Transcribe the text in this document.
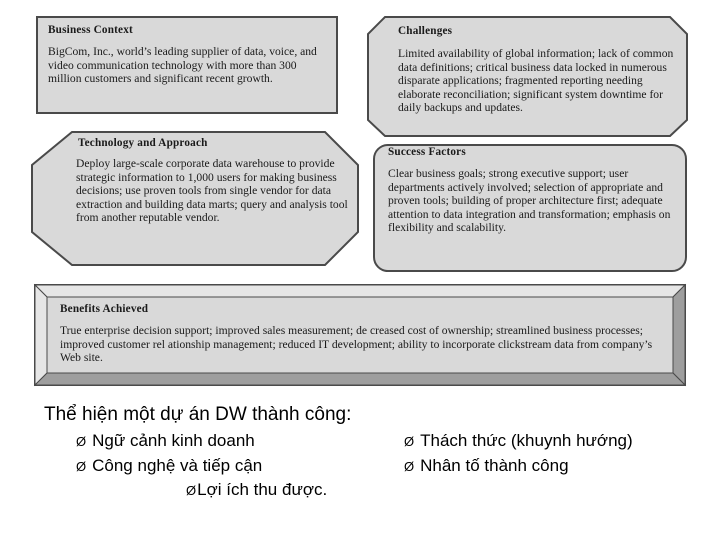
Business Context

BigCom, Inc., world’s leading supplier of data, voice, and video communication technology with more than 300 million customers and significant recent growth.

Challenges

Limited availability of global information; lack of common data definitions; critical business data locked in numerous disparate applications; fragmented reporting needing elaborate reconciliation; significant system downtime for daily backups and updates.

Technology and Approach

Deploy large-scale corporate data warehouse to provide strategic information to 1,000 users for making business decisions; use proven tools from single vendor for data extraction and building data marts; query and analysis tool from another reputable vendor.

Success Factors

Clear business goals; strong executive support; user departments actively involved; selection of appropriate and proven tools; building of proper architecture first; adequate attention to data integration and transformation; emphasis on flexibility and scalability.

Benefits Achieved

True enterprise decision support; improved sales measurement; de creased cost of ownership; streamlined business processes; improved customer rel ationship management; reduced IT development; ability to incorporate clickstream data from company’s Web site.

Thể hiện một dự án DW thành công:
Ø Ngữ cảnh kinh doanh
Ø Công nghệ và tiếp cận
ØLợi ích thu được.
Ø Thách thức (khuynh hướng)
Ø Nhân tố thành công
